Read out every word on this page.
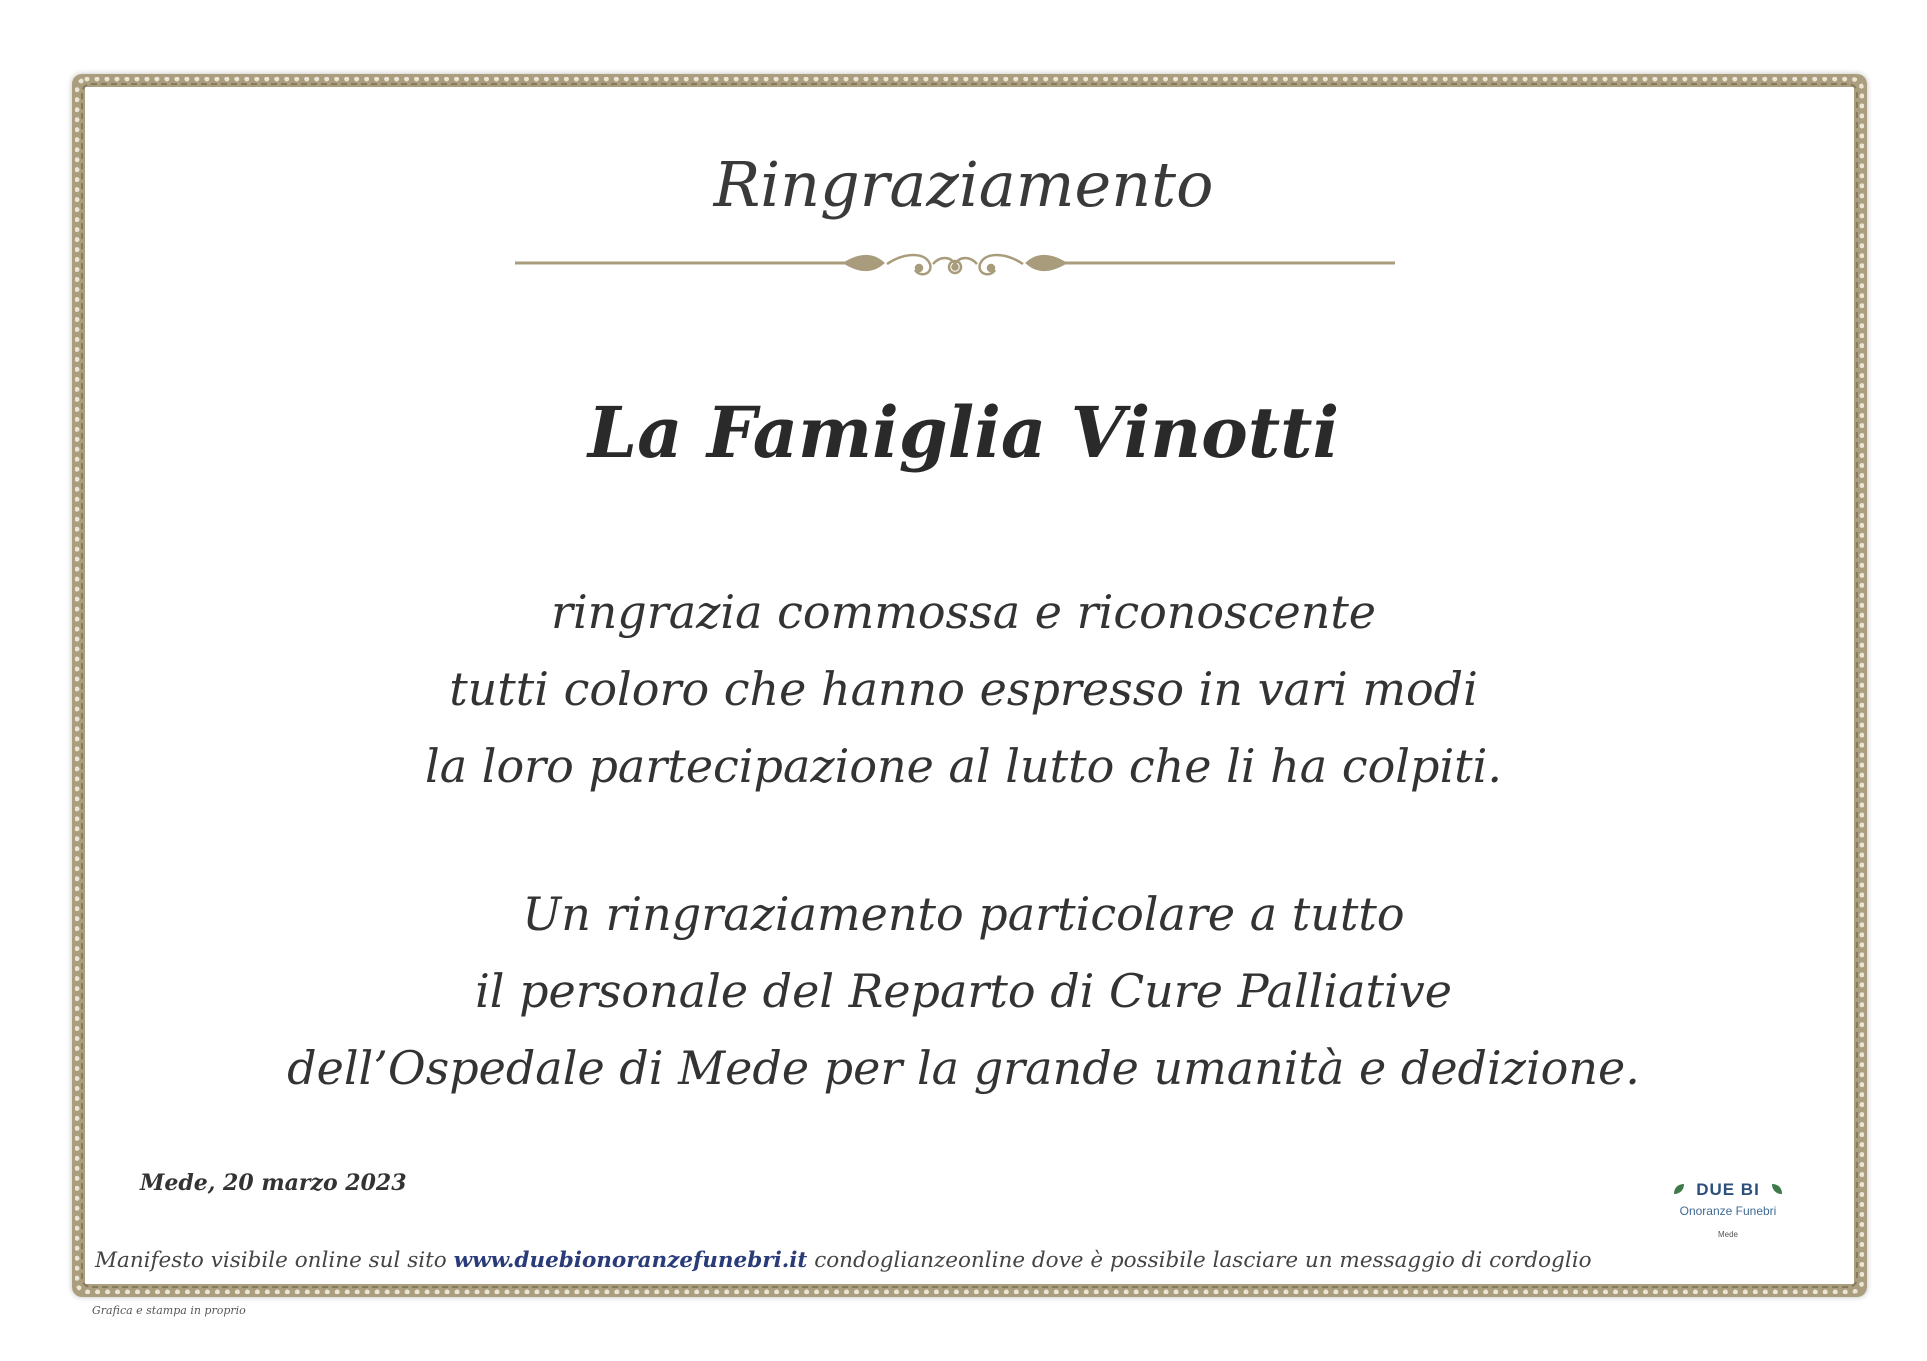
Ringraziamento
La Famiglia Vinotti
ringrazia commossa e riconoscente
tutti coloro che hanno espresso in vari modi
la loro partecipazione al lutto che li ha colpiti.
Un ringraziamento particolare a tutto
il personale del Reparto di Cure Palliative
dell’Ospedale di Mede per la grande umanità e dedizione.
Mede, 20 marzo 2023	DUE BI
Onoranze Funebri
Mede
Manifesto visibile online sul sito www.duebionoranzefunebri.it condoglianzeonline dove è possibile lasciare un messaggio di cordoglio
Grafica e stampa in proprio
